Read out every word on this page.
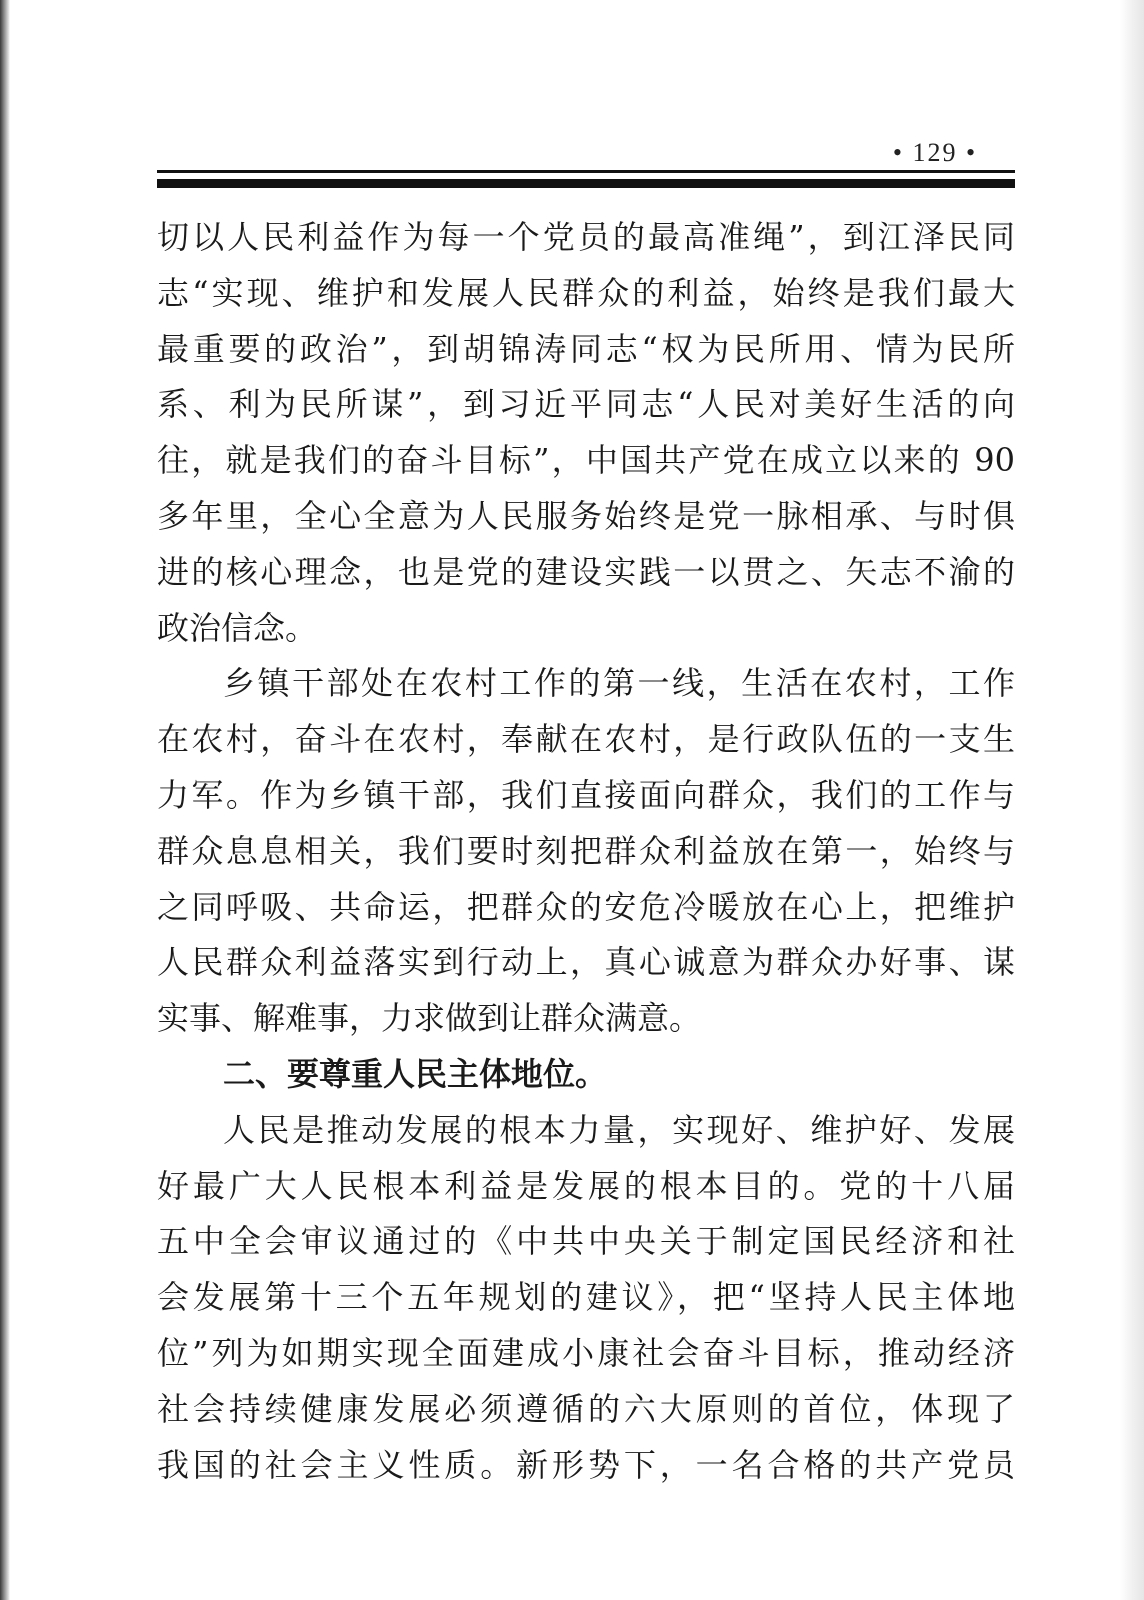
• 129 •
切以人民利益作为每一个党员的最高准绳”，到江泽民同
志“实现、维护和发展人民群众的利益，始终是我们最大
最重要的政治”，到胡锦涛同志“权为民所用、情为民所
系、利为民所谋”，到习近平同志“人民对美好生活的向
往，就是我们的奋斗目标”，中国共产党在成立以来的 90
多年里，全心全意为人民服务始终是党一脉相承、与时俱
进的核心理念，也是党的建设实践一以贯之、矢志不渝的
政治信念。
乡镇干部处在农村工作的第一线，生活在农村，工作
在农村，奋斗在农村，奉献在农村，是行政队伍的一支生
力军。作为乡镇干部，我们直接面向群众，我们的工作与
群众息息相关，我们要时刻把群众利益放在第一，始终与
之同呼吸、共命运，把群众的安危冷暖放在心上，把维护
人民群众利益落实到行动上，真心诚意为群众办好事、谋
实事、解难事，力求做到让群众满意。
二、要尊重人民主体地位。
人民是推动发展的根本力量，实现好、维护好、发展
好最广大人民根本利益是发展的根本目的。党的十八届
五中全会审议通过的《中共中央关于制定国民经济和社
会发展第十三个五年规划的建议》，把“坚持人民主体地
位”列为如期实现全面建成小康社会奋斗目标，推动经济
社会持续健康发展必须遵循的六大原则的首位，体现了
我国的社会主义性质。新形势下，一名合格的共产党员
